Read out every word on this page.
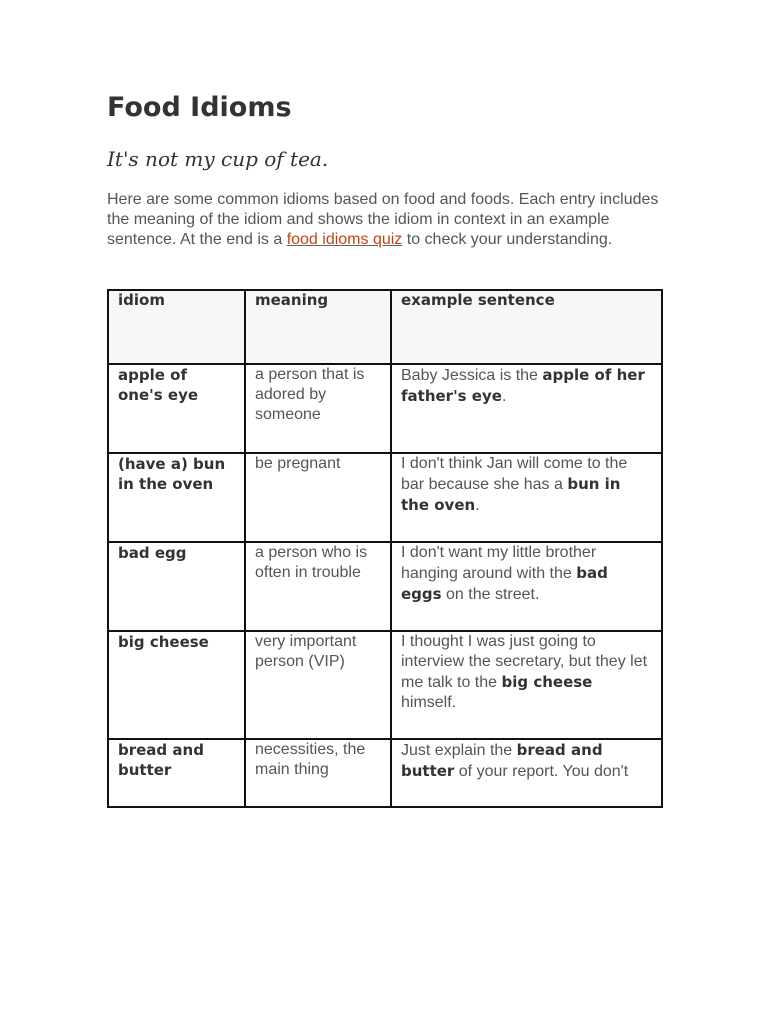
Food Idioms
It's not my cup of tea.

Here are some common idioms based on food and foods. Each entry includes the meaning of the idiom and shows the idiom in context in an example sentence. At the end is a food idioms quiz to check your understanding.

idiom	meaning	example sentence
apple of one's eye	a person that is adored by someone	Baby Jessica is the apple of her father's eye.
(have a) bun in the oven	be pregnant	I don't think Jan will come to the bar because she has a bun in the oven.
bad egg	a person who is often in trouble	I don't want my little brother hanging around with the bad eggs on the street.
big cheese	very important person (VIP)	I thought I was just going to interview the secretary, but they let me talk to the big cheese himself.
bread and butter	necessities, the main thing	Just explain the bread and butter of your report. You don't
